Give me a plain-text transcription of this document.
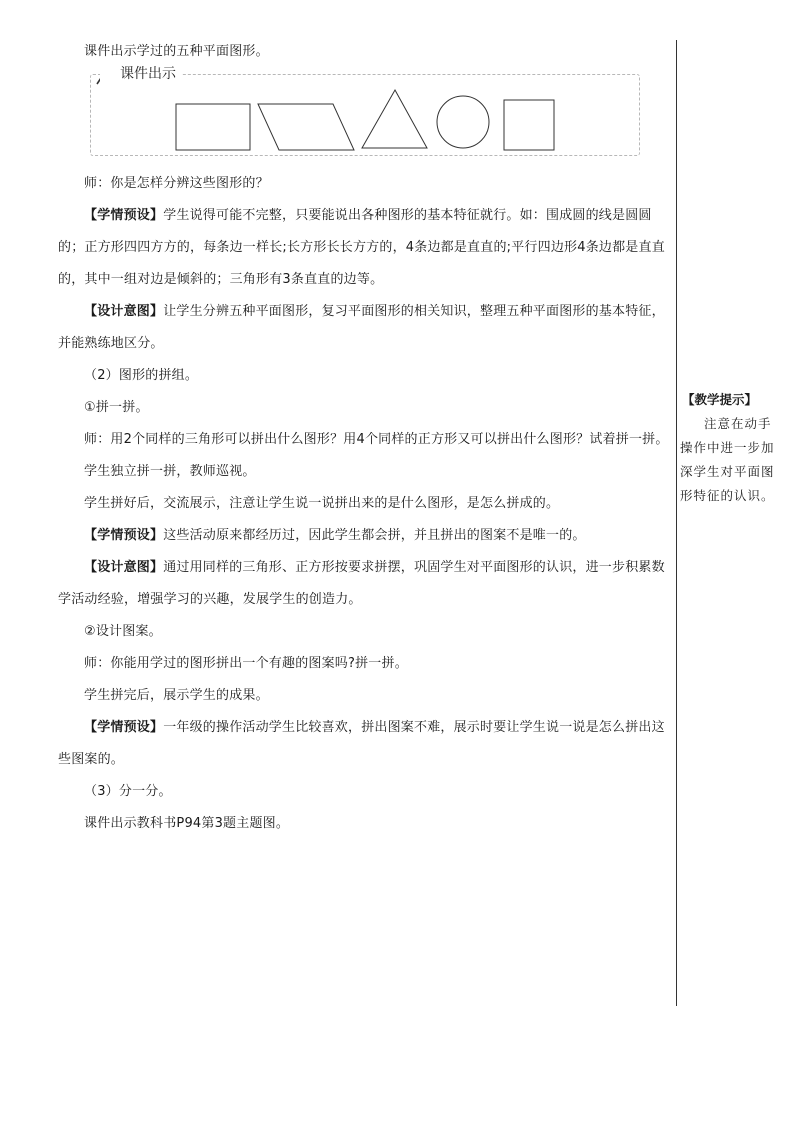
课件出示学过的五种平面图形。

课件出示

师：你是怎样分辨这些图形的？

【学情预设】学生说得可能不完整，只要能说出各种图形的基本特征就行。如：围成圆的线是圆圆的；正方形四四方方的，每条边一样长;长方形长长方方的，4条边都是直直的;平行四边形4条边都是直直的，其中一组对边是倾斜的；三角形有3条直直的边等。

【设计意图】让学生分辨五种平面图形，复习平面图形的相关知识，整理五种平面图形的基本特征，并能熟练地区分。

（2）图形的拼组。

①拼一拼。

师：用2个同样的三角形可以拼出什么图形？用4个同样的正方形又可以拼出什么图形？试着拼一拼。

学生独立拼一拼，教师巡视。

学生拼好后，交流展示，注意让学生说一说拼出来的是什么图形，是怎么拼成的。

【学情预设】这些活动原来都经历过，因此学生都会拼，并且拼出的图案不是唯一的。

【设计意图】通过用同样的三角形、正方形按要求拼摆，巩固学生对平面图形的认识，进一步积累数学活动经验，增强学习的兴趣，发展学生的创造力。

②设计图案。

师：你能用学过的图形拼出一个有趣的图案吗?拼一拼。

学生拼完后，展示学生的成果。

【学情预设】一年级的操作活动学生比较喜欢，拼出图案不难，展示时要让学生说一说是怎么拼出这些图案的。

（3）分一分。

课件出示教科书P94第3题主题图。

【教学提示】

注意在动手操作中进一步加深学生对平面图形特征的认识。
